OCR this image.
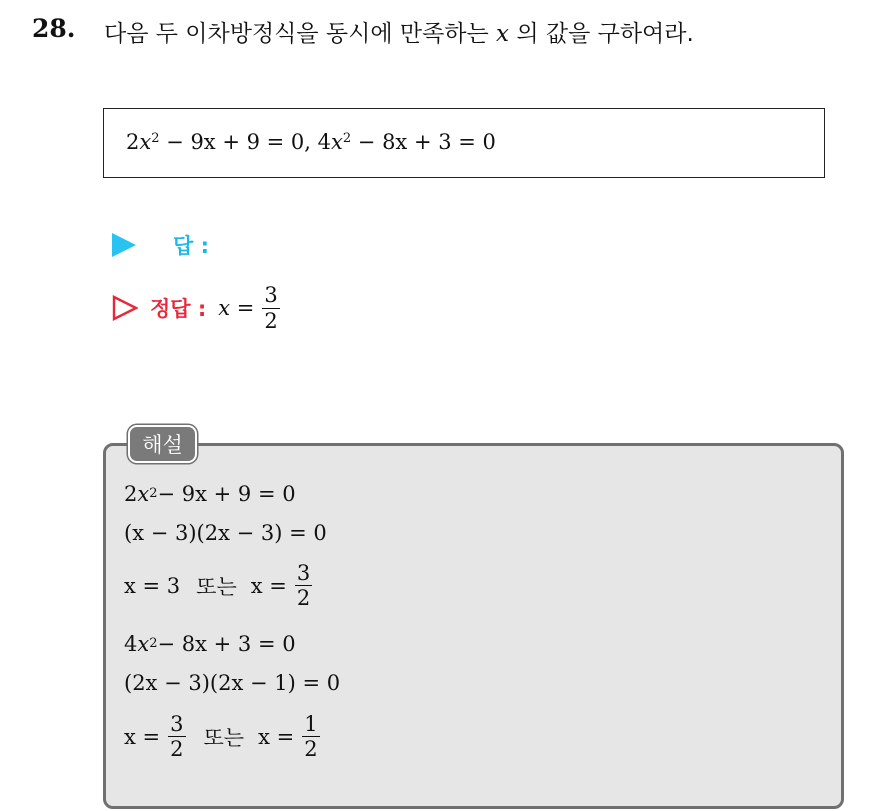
28. 다음 두 이차방정식을 동시에 만족하는 x 의 값을 구하여라.
$2x^2 - 9x + 9 = 0$, $4x^2 - 8x + 3 = 0$
답 :
정답 : $x = \frac{3}{2}$
해설
2 x 2 − 9x + 9 = 0
(x − 3)(2x − 3) = 0
x = 3 또는 $x = \frac{3}{2}$
4 x 2 − 8x + 3 = 0
(2x − 3)(2x − 1) = 0
$x = \frac{3}{2}$ 또는 $x = \frac{1}{2}$
